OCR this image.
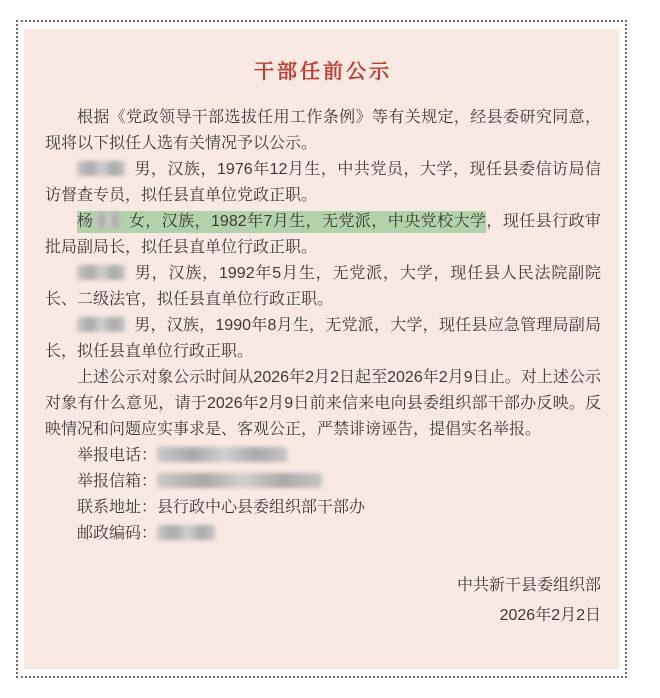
干部任前公示

根据《党政领导干部选拔任用工作条例》等有关规定，经县委研究同意，现将以下拟任人选有关情况予以公示。

男，汉族，1976年12月生，中共党员，大学，现任县委信访局信访督查专员，拟任县直单位党政正职。

杨 女，汉族，1982年7月生，无党派，中央党校大学，现任县行政审批局副局长，拟任县直单位行政正职。

男，汉族，1992年5月生，无党派，大学，现任县人民法院副院长、二级法官，拟任县直单位行政正职。

男，汉族，1990年8月生，无党派，大学，现任县应急管理局副局长，拟任县直单位行政正职。

上述公示对象公示时间从2026年2月2日起至2026年2月9日止。对上述公示对象有什么意见，请于2026年2月9日前来信来电向县委组织部干部办反映。反映情况和问题应实事求是、客观公正，严禁诽谤诬告，提倡实名举报。

举报电话：

举报信箱：

联系地址：县行政中心县委组织部干部办

邮政编码：

中共新干县委组织部
2026年2月2日
